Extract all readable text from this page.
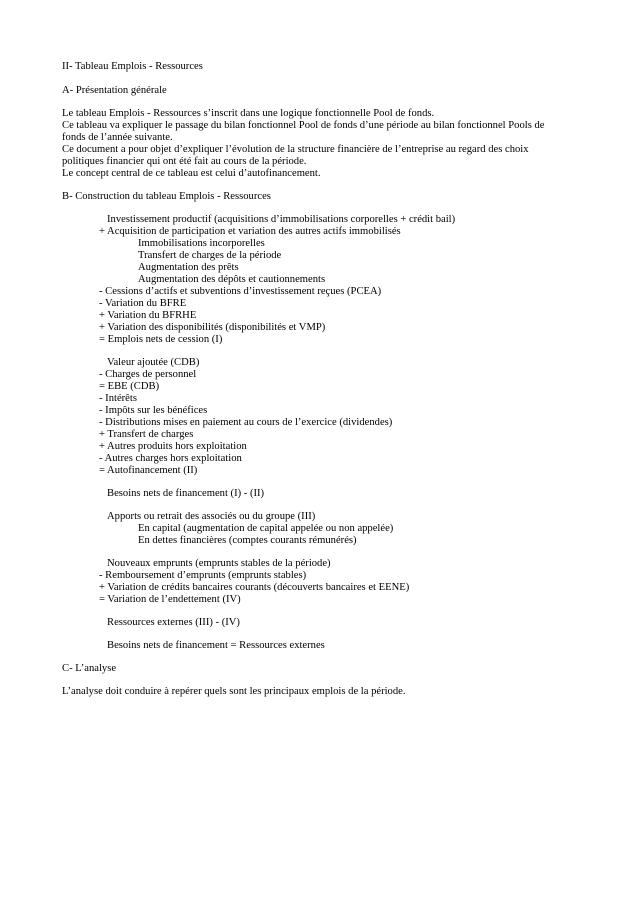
II- Tableau Emplois - Ressources
A- Présentation générale
Le tableau Emplois - Ressources s’inscrit dans une logique fonctionnelle Pool de fonds.
Ce tableau va expliquer le passage du bilan fonctionnel Pool de fonds d’une période au bilan fonctionnel Pools de
fonds de l’année suivante.
Ce document a pour objet d’expliquer l’évolution de la structure financière de l’entreprise au regard des choix
politiques financier qui ont été fait au cours de la période.
Le concept central de ce tableau est celui d’autofinancement.
B- Construction du tableau Emplois - Ressources
Investissement productif (acquisitions d’immobilisations corporelles + crédit bail)
+ Acquisition de participation et variation des autres actifs immobilisés
Immobilisations incorporelles
Transfert de charges de la période
Augmentation des prêts
Augmentation des dépôts et cautionnements
- Cessions d’actifs et subventions d’investissement reçues (PCEA)
- Variation du BFRE
+ Variation du BFRHE
+ Variation des disponibilités (disponibilités et VMP)
= Emplois nets de cession (I)
Valeur ajoutée (CDB)
- Charges de personnel
= EBE (CDB)
- Intérêts
- Impôts sur les bénéfices
- Distributions mises en paiement au cours de l’exercice (dividendes)
+ Transfert de charges
+ Autres produits hors exploitation
- Autres charges hors exploitation
= Autofinancement (II)
Besoins nets de financement (I) - (II)
Apports ou retrait des associés ou du groupe (III)
En capital (augmentation de capital appelée ou non appelée)
En dettes financières (comptes courants rémunérés)
Nouveaux emprunts (emprunts stables de la période)
- Remboursement d’emprunts (emprunts stables)
+ Variation de crédits bancaires courants (découverts bancaires et EENE)
= Variation de l’endettement (IV)
Ressources externes (III) - (IV)
Besoins nets de financement = Ressources externes
C- L’analyse
L’analyse doit conduire à repérer quels sont les principaux emplois de la période.
